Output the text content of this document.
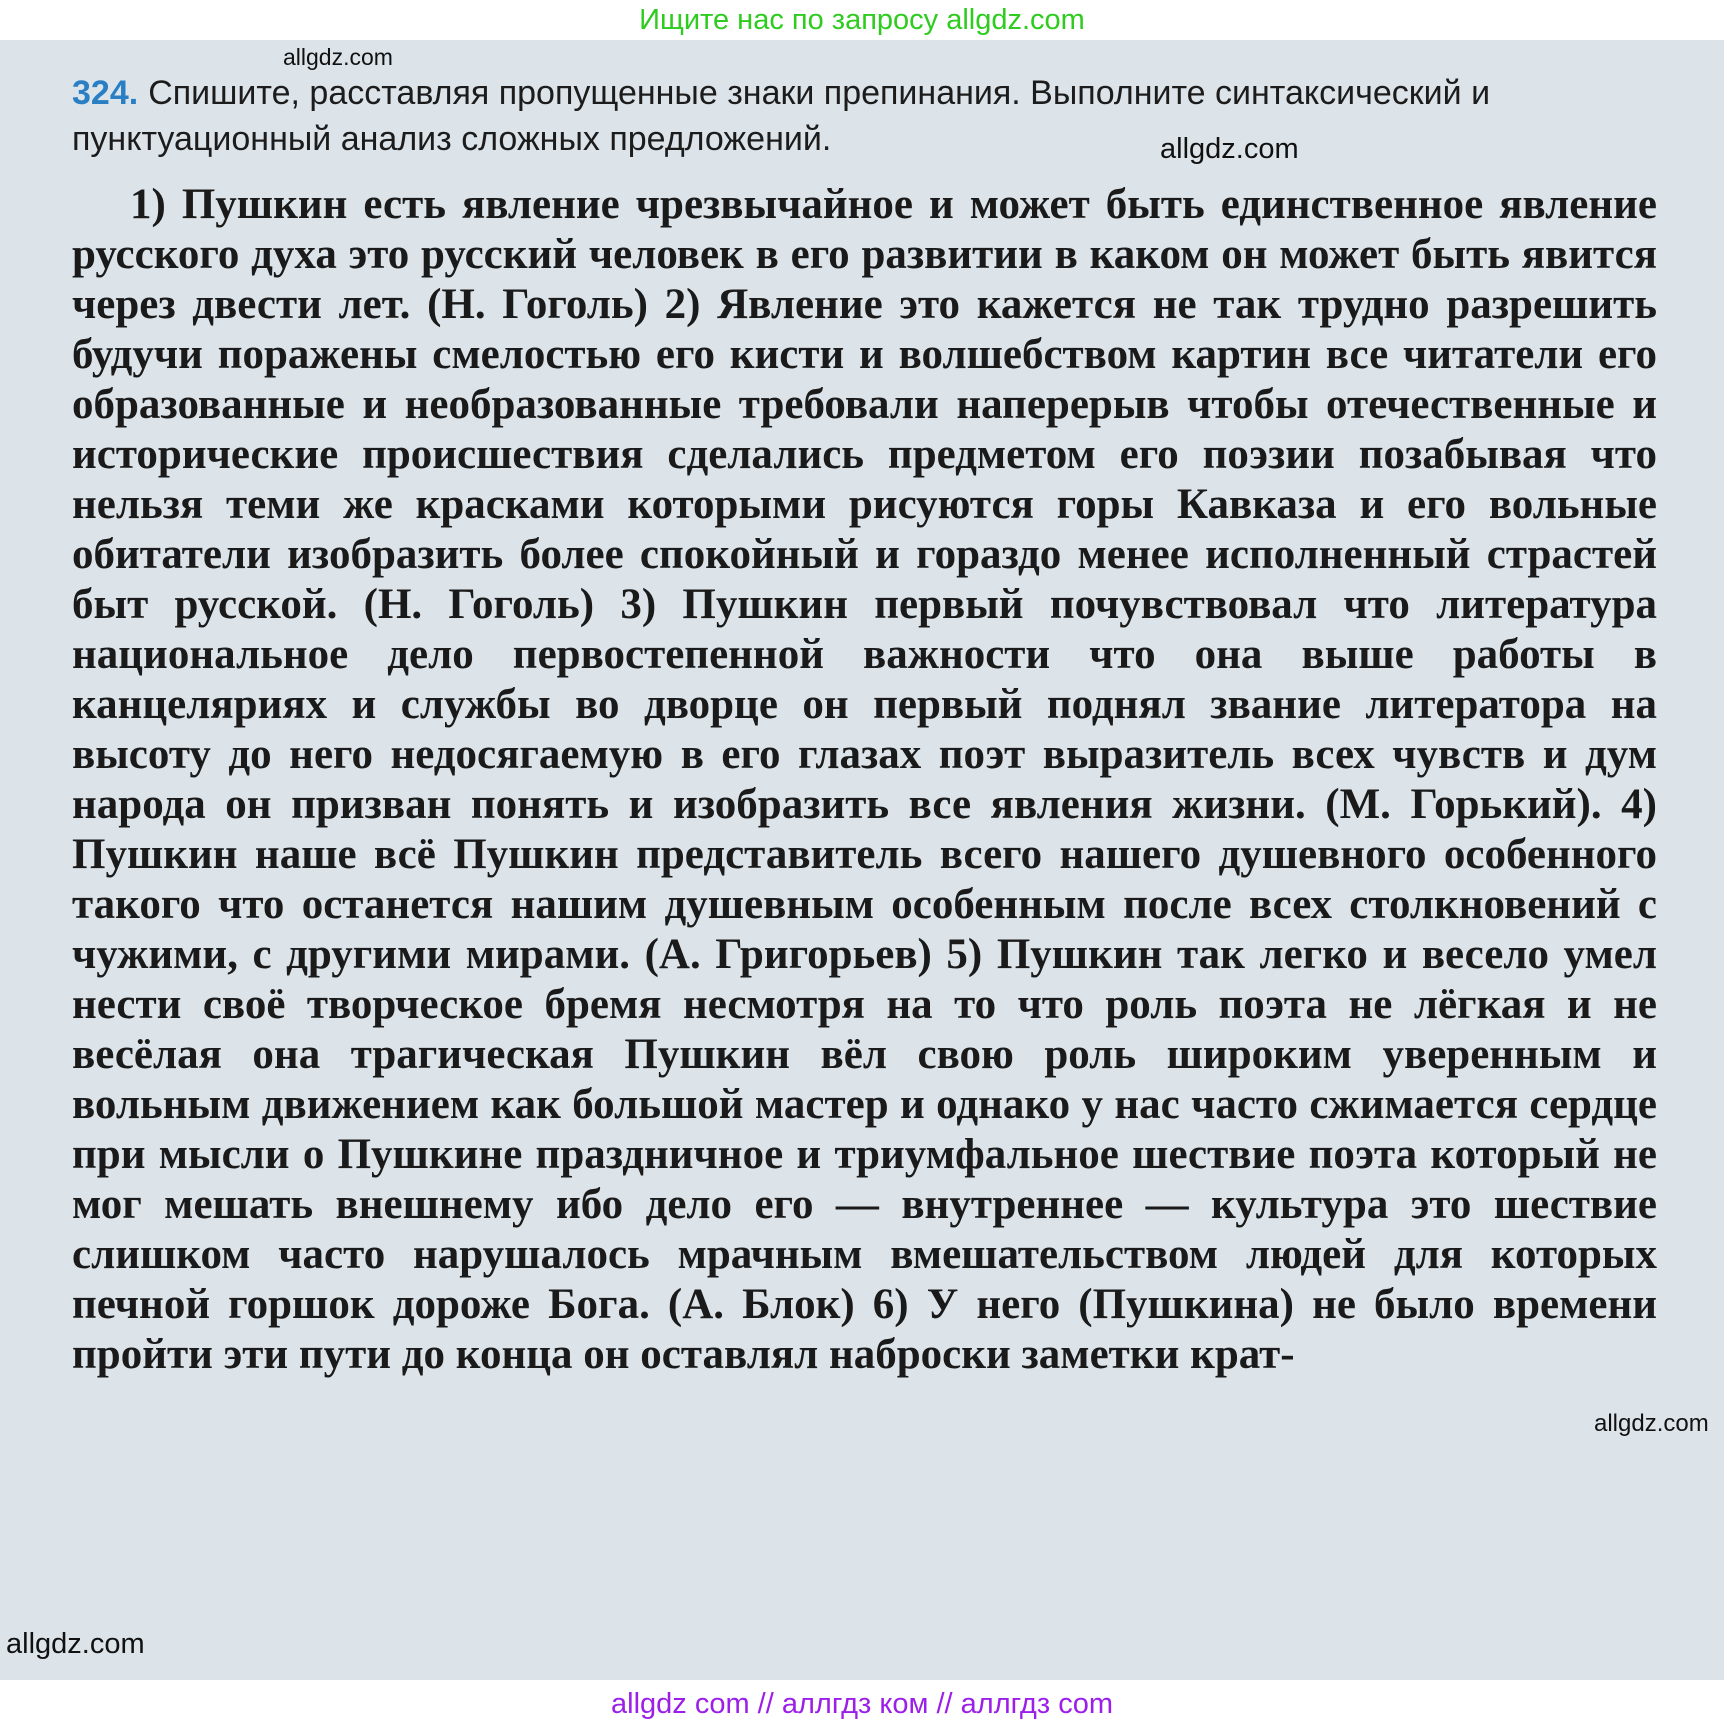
Ищите нас по запросу allgdz.com
324. Спишите, расставляя пропущенные знаки препинания. Выполните синтаксический и пунктуационный анализ сложных предложений.

1) Пушкин есть явление чрезвычайное и может быть единственное явление русского духа это русский человек в его развитии в каком он может быть явится через двести лет. (Н. Гоголь) 2) Явление это кажется не так трудно разрешить будучи поражены смелостью его кисти и волшебством картин все читатели его образованные и необразованные требовали наперерыв чтобы отечественные и исторические происшествия сделались предметом его поэзии позабывая что нельзя теми же красками которыми рисуются горы Кавказа и его вольные обитатели изобразить более спокойный и гораздо менее исполненный страстей быт русской. (Н. Гоголь) 3) Пушкин первый почувствовал что литература национальное дело первостепенной важности что она выше работы в канцеляриях и службы во дворце он первый поднял звание литератора на высоту до него недосягаемую в его глазах поэт выразитель всех чувств и дум народа он призван понять и изобразить все явления жизни. (М. Горький). 4) Пушкин наше всё Пушкин представитель всего нашего душевного особенного такого что останется нашим душевным особенным после всех столкновений с чужими, с другими мирами. (А. Григорьев) 5) Пушкин так легко и весело умел нести своё творческое бремя несмотря на то что роль поэта не лёгкая и не весёлая она трагическая Пушкин вёл свою роль широким уверенным и вольным движением как большой мастер и однако у нас часто сжимается сердце при мысли о Пушкине праздничное и триумфальное шествие поэта который не мог мешать внешнему ибо дело его — внутреннее — культура это шествие слишком часто нарушалось мрачным вмешательством людей для которых печной горшок дороже Бога. (А. Блок) 6) У него (Пушкина) не было времени пройти эти пути до конца он оставлял наброски заметки крат-

allgdz.com
allgdz.com
allgdz.com
allgdz.com
allgdz com // аллгдз ком // аллгдз com
